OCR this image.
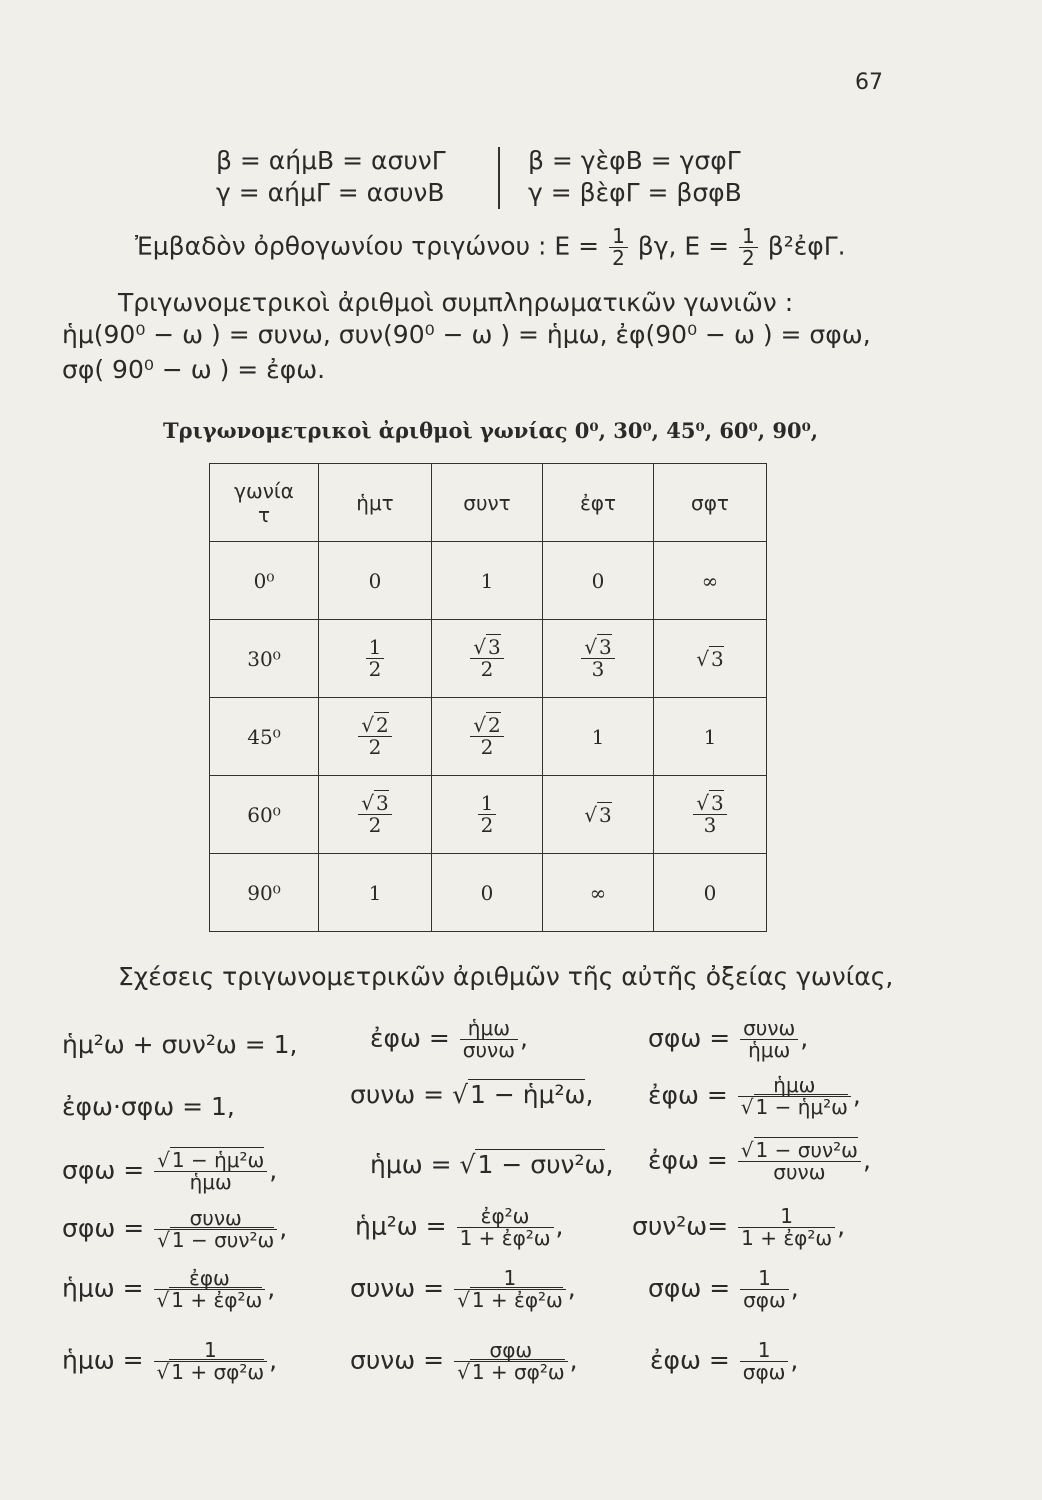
67
β = αήμΒ = ασυνΓ
γ = αήμΓ = ασυνΒ
β = γὲφΒ = γσφΓ
γ = βὲφΓ = βσφΒ
Ἐμβαδὸν ὀρθογωνίου τριγώνου : $E = \frac{1}{2} \beta\gamma$, $E = \frac{1}{2}$ β²ἐφΓ.
Τριγωνομετρικοὶ ἀριθμοὶ συμπληρωματικῶν γωνιῶν :
ἡμ(90⁰ − ω ) = συνω, συν(90⁰ − ω ) = ἡμω, ἐφ(90⁰ − ω ) = σφω,
σφ( 90⁰ − ω ) = ἐφω.
Τριγωνομετρικοὶ ἀριθμοὶ γωνίας 0⁰, 30⁰, 45⁰, 60⁰, 90⁰,
γωνία
τ	ἡμτ	συντ	ἐφτ	σφτ
0⁰	0	1	0	∞
30⁰	$\frac{1}{2}$	$\frac{√ 3}{2}$	$\frac{√ 3}{3}$	√ 3
45⁰	$\frac{√ 2}{2}$	$\frac{√ 2}{2}$	1	1
60⁰	$\frac{√ 3}{2}$	$\frac{1}{2}$	√ 3	$\frac{√ 3}{3}$

90⁰	1	0	∞	0
Σχέσεις τριγωνομετρικῶν ἀριθμῶν τῆς αὐτῆς ὀξείας γωνίας,
ἡμ²ω + συν²ω = 1,	ἐφω = $\frac{\text{ἡμω}}{\text{συνω}}$ ,	$\sigma\varphi\omega = \frac{\text{συνω}}{\text{ἡμω}}$ ,
ἐφω·σφω = 1,	συνω = √1 − ἡμ²ω, ἐφω = $\frac{\text{ἡμω}}{\text{√ 1 − ἡμ²ω}}$ ,
$\sigma\varphi\omega = \frac{\text{√ 1 − ἡμ²ω}}{\text{ἡμω}}$ ,	ἡμω = √1 − συν²ω, ἐφω = $\frac{\text{√ 1 − συν²ω}}{\text{συνω}}$ ,
$\sigma\varphi\omega = \frac{\text{συνω}}{\text{√ 1 − συν²ω}}$ ,	ἡμ²ω = $\frac{\text{ἐφ²ω}}{\text{1 + ἐφ²ω}}$ ,	$\sigma\upsilon\nu^2\omega= \frac{1}{\text{1 + ἐφ²ω}}$ ,
ἡμω = $\frac{\text{ἐφω}}{\text{√ 1 + ἐφ²ω}}$ ,	$\sigma\upsilon\nu\omega = \frac{1}{\text{√ 1 + ἐφ²ω}}$ ,	$\sigma\varphi\omega = \frac{1}{\text{σφω}}$ ,
ἡμω = $\frac{1}{\text{√ 1 + σφ²ω}}$ ,	$\sigma\upsilon\nu\omega = \frac{\text{σφω}}{\text{√ 1 + σφ²ω}}$ ,	ἐφω = $\frac{1}{\text{σφω}}$ ,
